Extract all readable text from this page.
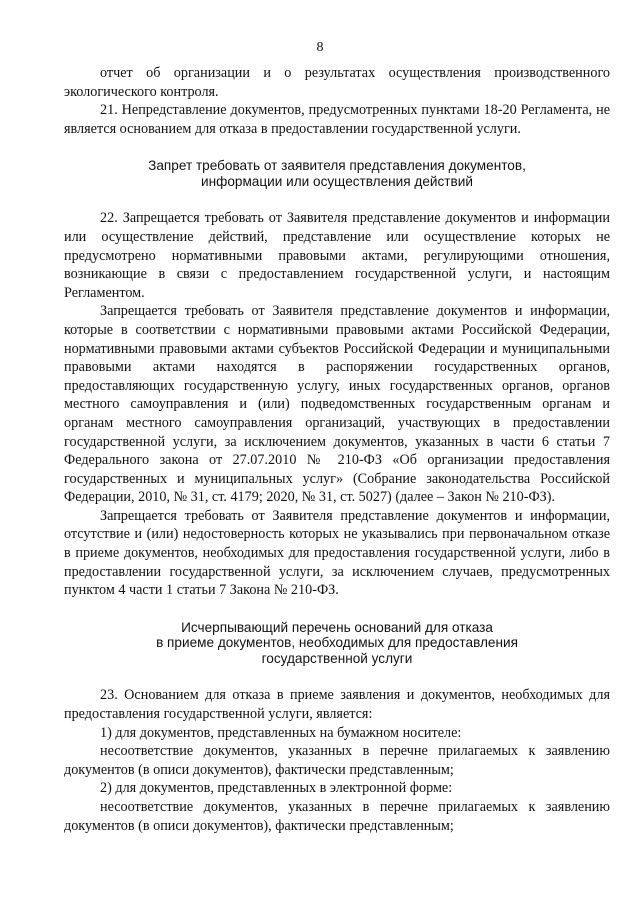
8

отчет об организации и о результатах осуществления производственного экологического контроля.

21. Непредставление документов, предусмотренных пунктами 18-20 Регламента, не является основанием для отказа в предоставлении государственной услуги.

Запрет требовать от заявителя представления документов,
информации или осуществления действий

22. Запрещается требовать от Заявителя представление документов и информации или осуществление действий, представление или осуществление которых не предусмотрено нормативными правовыми актами, регулирующими отношения, возникающие в связи с предоставлением государственной услуги, и настоящим Регламентом.

Запрещается требовать от Заявителя представление документов и информации, которые в соответствии с нормативными правовыми актами Российской Федерации, нормативными правовыми актами субъектов Российской Федерации и муниципальными правовыми актами находятся в распоряжении государственных органов, предоставляющих государственную услугу, иных государственных органов, органов местного самоуправления и (или) подведомственных государственным органам и органам местного самоуправления организаций, участвующих в предоставлении государственной услуги, за исключением документов, указанных в части 6 статьи 7 Федерального закона от 27.07.2010 № 210-ФЗ «Об организации предоставления государственных и муниципальных услуг» (Собрание законодательства Российской Федерации, 2010, № 31, ст. 4179; 2020, № 31, ст. 5027) (далее – Закон № 210-ФЗ).

Запрещается требовать от Заявителя представление документов и информации, отсутствие и (или) недостоверность которых не указывались при первоначальном отказе в приеме документов, необходимых для предоставления государственной услуги, либо в предоставлении государственной услуги, за исключением случаев, предусмотренных пунктом 4 части 1 статьи 7 Закона № 210-ФЗ.

Исчерпывающий перечень оснований для отказа
в приеме документов, необходимых для предоставления
государственной услуги

23. Основанием для отказа в приеме заявления и документов, необходимых для предоставления государственной услуги, является:

1) для документов, представленных на бумажном носителе:

несоответствие документов, указанных в перечне прилагаемых к заявлению документов (в описи документов), фактически представленным;

2) для документов, представленных в электронной форме:

несоответствие документов, указанных в перечне прилагаемых к заявлению документов (в описи документов), фактически представленным;
